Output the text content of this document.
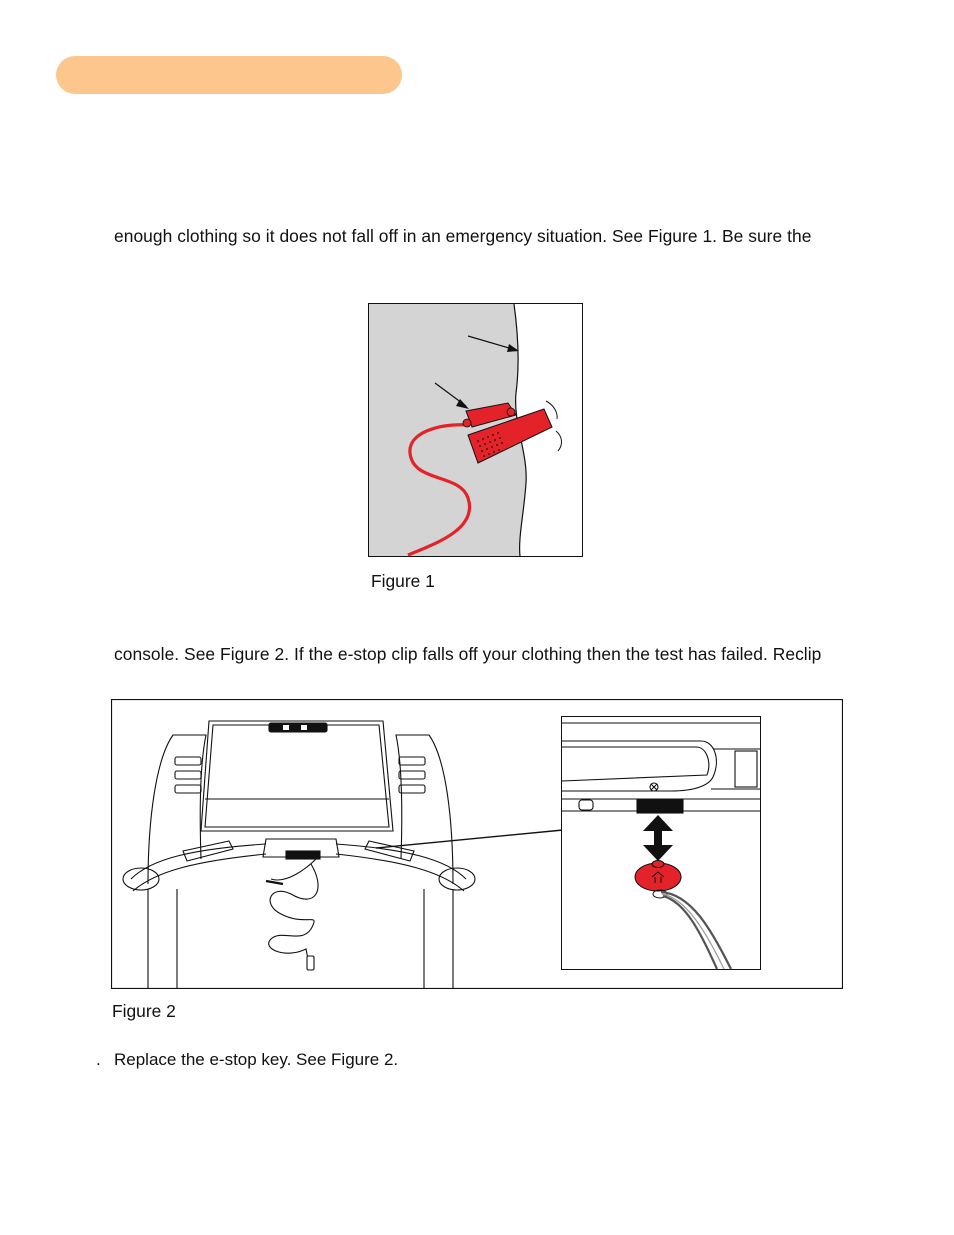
enough clothing so it does not fall off in an emergency situation. See Figure 1. Be sure the
Figure 1
console. See Figure 2. If the e-stop clip falls off your clothing then the test has failed. Reclip
Figure 2
. Replace the e-stop key. See Figure 2.
